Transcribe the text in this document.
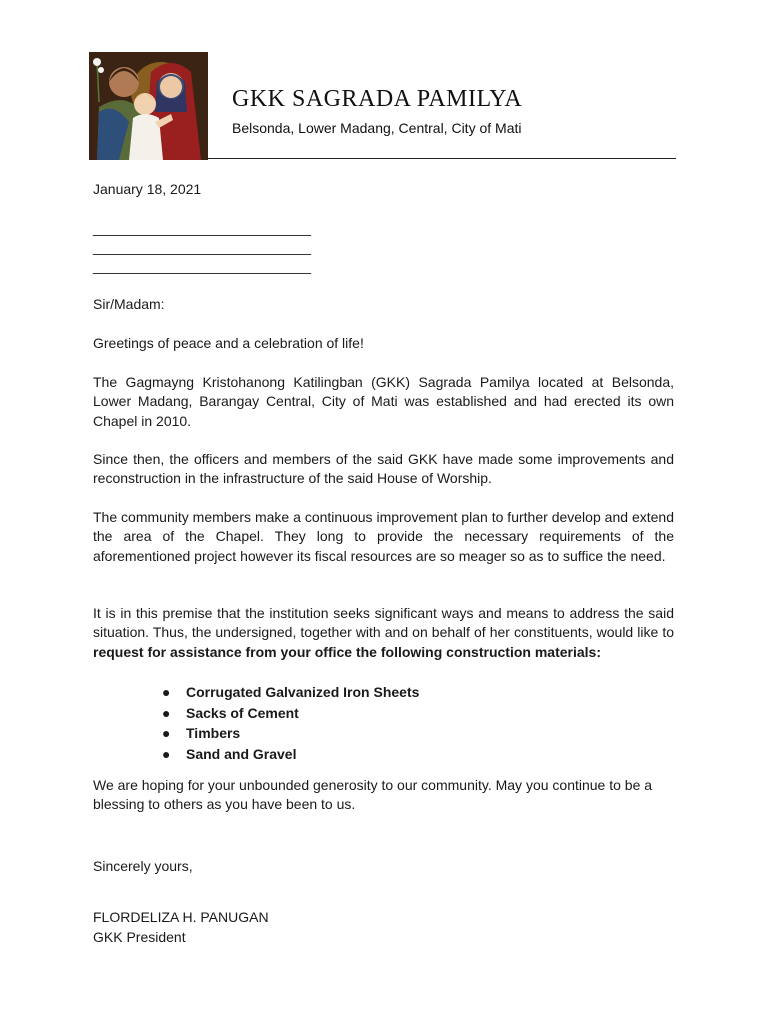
GKK SAGRADA PAMILYA
Belsonda, Lower Madang, Central, City of Mati
January 18, 2021
____________________________
____________________________
____________________________
Sir/Madam:
Greetings of peace and a celebration of life!
The Gagmayng Kristohanong Katilingban (GKK) Sagrada Pamilya located at Belsonda, Lower Madang, Barangay Central, City of Mati was established and had erected its own Chapel in 2010.
Since then, the officers and members of the said GKK have made some improvements and reconstruction in the infrastructure of the said House of Worship.
The community members make a continuous improvement plan to further develop and extend the area of the Chapel. They long to provide the necessary requirements of the aforementioned project however its fiscal resources are so meager so as to suffice the need.
It is in this premise that the institution seeks significant ways and means to address the said situation. Thus, the undersigned, together with and on behalf of her constituents, would like to request for assistance from your office the following construction materials:
● Corrugated Galvanized Iron Sheets
● Sacks of Cement
● Timbers
● Sand and Gravel
We are hoping for your unbounded generosity to our community. May you continue to be a blessing to others as you have been to us.
Sincerely yours,
FLORDELIZA H. PANUGAN
GKK President
